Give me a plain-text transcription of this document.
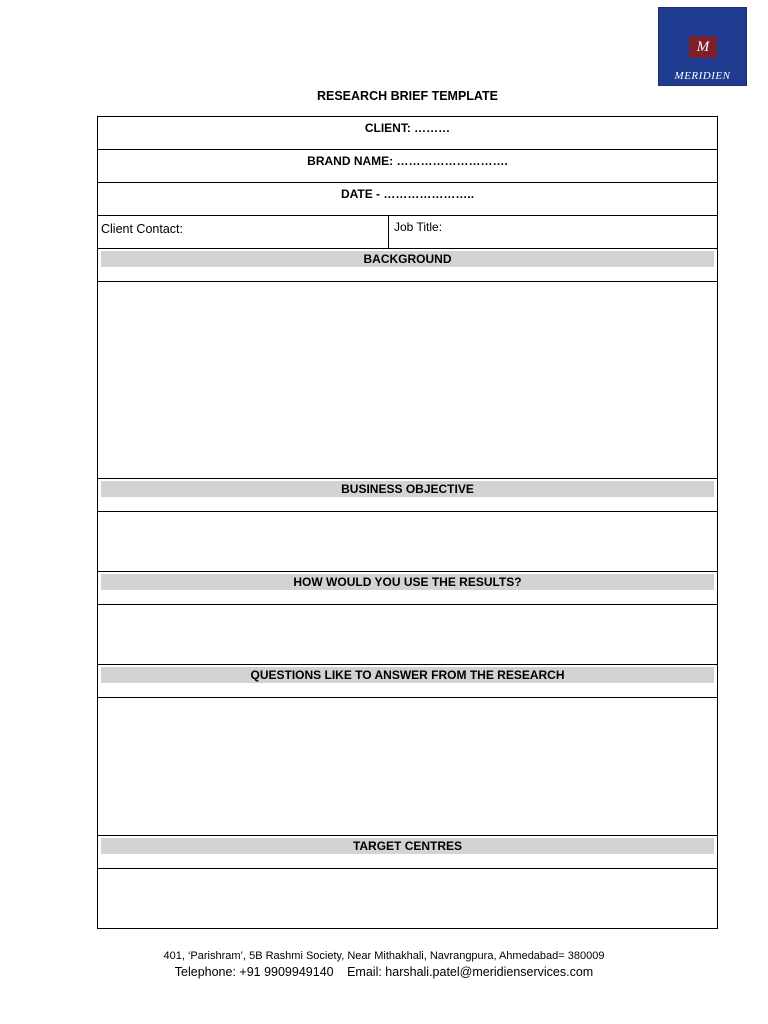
M
MERIDIEN
RESEARCH BRIEF TEMPLATE
CLIENT: ………
BRAND NAME: ……………………….
DATE - …………………..
Client Contact:	Job Title:
BACKGROUND
BUSINESS OBJECTIVE
HOW WOULD YOU USE THE RESULTS?
QUESTIONS LIKE TO ANSWER FROM THE RESEARCH
TARGET CENTRES
401, ‘Parishram’, 5B Rashmi Society, Near Mithakhali, Navrangpura, Ahmedabad= 380009
Telephone: +91 9909949140 Email: harshali.patel@meridienservices.com
